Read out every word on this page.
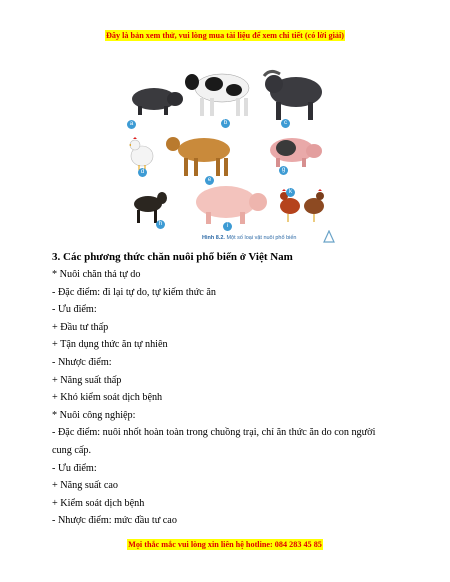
Đây là bản xem thử, vui lòng mua tài liệu để xem chi tiết (có lời giải)
a	b	c
d
e
g
h	i
k
Hình 8.2. Một số loại vật nuôi phổ biến
3. Các phương thức chăn nuôi phổ biến ở Việt Nam
* Nuôi chăn thả tự do
- Đặc điểm: đi lại tự do, tự kiếm thức ăn
- Ưu điểm:
+ Đầu tư thấp
+ Tận dụng thức ăn tự nhiên
- Nhược điểm:
+ Năng suất thấp
+ Khó kiểm soát dịch bệnh
* Nuôi công nghiệp:
- Đặc điểm: nuôi nhốt hoàn toàn trong chuồng trại, chỉ ăn thức ăn do con người
cung cấp.
- Ưu điểm:
+ Năng suất cao
+ Kiểm soát dịch bệnh
- Nhược điểm: mức đầu tư cao
Mọi thắc mắc vui lòng xin liên hệ hotline: 084 283 45 85
